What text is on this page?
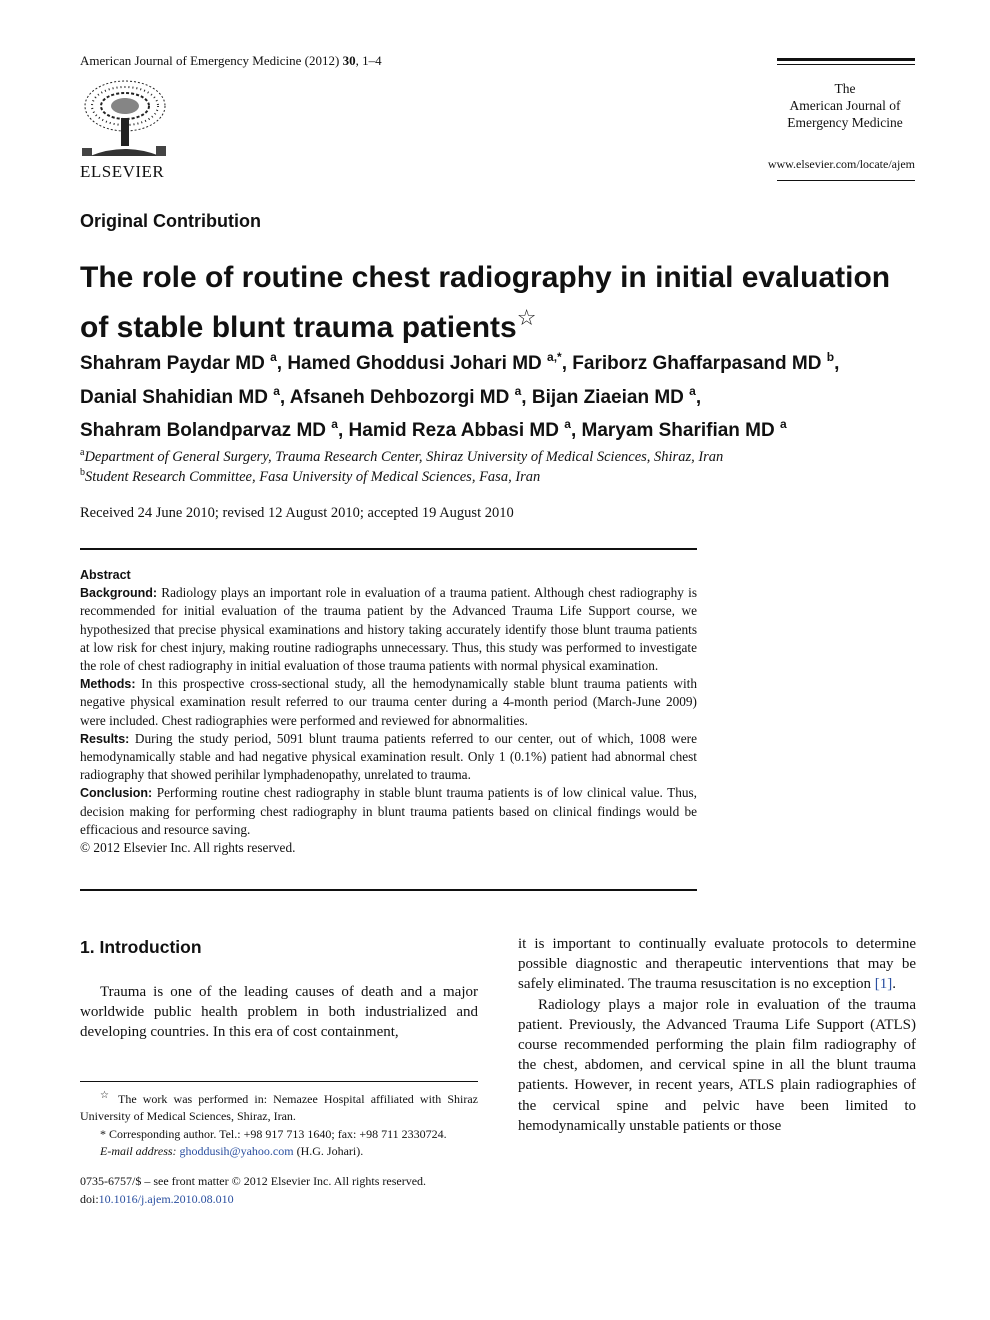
American Journal of Emergency Medicine (2012) 30, 1–4
ELSEVIER
The
American Journal of
Emergency Medicine
www.elsevier.com/locate/ajem
Original Contribution
The role of routine chest radiography in initial evaluation of stable blunt trauma patients☆
Shahram Paydar MD $^a$, Hamed Ghoddusi Johari MD $^{a,*}$, Fariborz Ghaffarpasand MD $^b$,
Danial Shahidian MD $^a$, Afsaneh Dehbozorgi MD $^a$, Bijan Ziaeian MD $^a$,
Shahram Bolandparvaz MD $^a$, Hamid Reza Abbasi MD $^a$, Maryam Sharifian MD $^a$
$^a$Department of General Surgery, Trauma Research Center, Shiraz University of Medical Sciences, Shiraz, Iran
$^b$Student Research Committee, Fasa University of Medical Sciences, Fasa, Iran
Received 24 June 2010; revised 12 August 2010; accepted 19 August 2010

Abstract

Background: Radiology plays an important role in evaluation of a trauma patient. Although chest radiography is recommended for initial evaluation of the trauma patient by the Advanced Trauma Life Support course, we hypothesized that precise physical examinations and history taking accurately identify those blunt trauma patients at low risk for chest injury, making routine radiographs unnecessary. Thus, this study was performed to investigate the role of chest radiography in initial evaluation of those trauma patients with normal physical examination.

Methods: In this prospective cross-sectional study, all the hemodynamically stable blunt trauma patients with negative physical examination result referred to our trauma center during a 4-month period (March-June 2009) were included. Chest radiographies were performed and reviewed for abnormalities.

Results: During the study period, 5091 blunt trauma patients referred to our center, out of which, 1008 were hemodynamically stable and had negative physical examination result. Only 1 (0.1%) patient had abnormal chest radiography that showed perihilar lymphadenopathy, unrelated to trauma.

Conclusion: Performing routine chest radiography in stable blunt trauma patients is of low clinical value. Thus, decision making for performing chest radiography in blunt trauma patients based on clinical findings would be efficacious and resource saving.

© 2012 Elsevier Inc. All rights reserved.

1. Introduction

Trauma is one of the leading causes of death and a major worldwide public health problem in both industrialized and developing countries. In this era of cost containment,

it is important to continually evaluate protocols to determine possible diagnostic and therapeutic interventions that may be safely eliminated. The trauma resuscitation is no exception [1].

Radiology plays a major role in evaluation of the trauma patient. Previously, the Advanced Trauma Life Support (ATLS) course recommended performing the plain film radiography of the chest, abdomen, and cervical spine in all the blunt trauma patients. However, in recent years, ATLS plain radiographies of the cervical spine and pelvic have been limited to hemodynamically unstable patients or those

☆ The work was performed in: Nemazee Hospital affiliated with Shiraz University of Medical Sciences, Shiraz, Iran.

* Corresponding author. Tel.: +98 917 713 1640; fax: +98 711 2330724.

E-mail address: ghoddusih@yahoo.com (H.G. Johari).

0735-6757/$ – see front matter © 2012 Elsevier Inc. All rights reserved.
doi:10.1016/j.ajem.2010.08.010
